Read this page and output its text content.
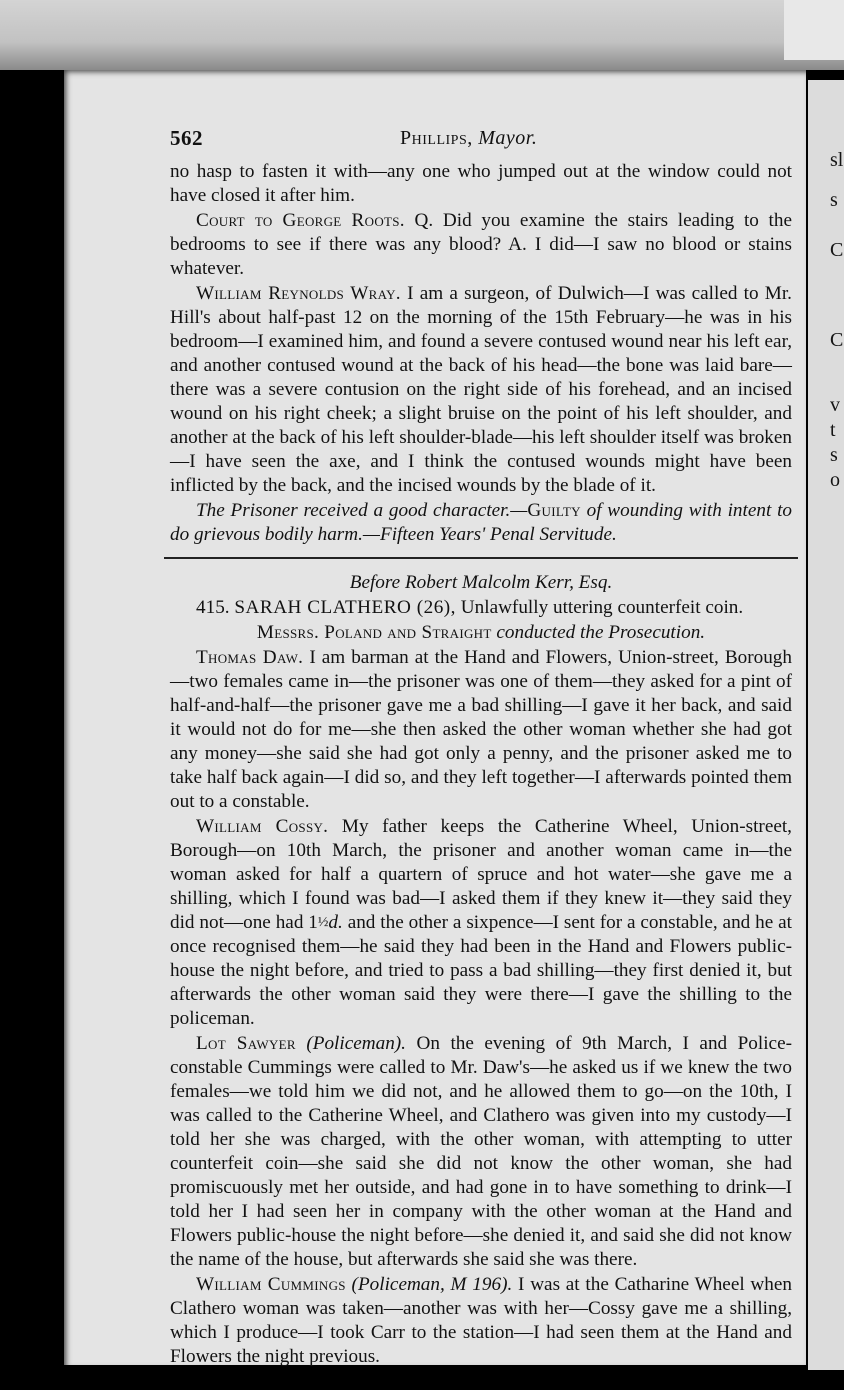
sl
s
C
C
v
t
s
o
562	Phillips, Mayor.

no hasp to fasten it with—any one who jumped out at the window could not have closed it after him.

Court to George Roots. Q. Did you examine the stairs leading to the bedrooms to see if there was any blood? A. I did—I saw no blood or stains whatever.

William Reynolds Wray. I am a surgeon, of Dulwich—I was called to Mr. Hill's about half-past 12 on the morning of the 15th February—he was in his bedroom—I examined him, and found a severe contused wound near his left ear, and another contused wound at the back of his head—the bone was laid bare—there was a severe contusion on the right side of his forehead, and an incised wound on his right cheek; a slight bruise on the point of his left shoulder, and another at the back of his left shoulder-blade—his left shoulder itself was broken—I have seen the axe, and I think the contused wounds might have been inflicted by the back, and the incised wounds by the blade of it.

The Prisoner received a good character.—Guilty of wounding with intent to do grievous bodily harm.—Fifteen Years' Penal Servitude.

Before Robert Malcolm Kerr, Esq.

415. SARAH CLATHERO (26), Unlawfully uttering counterfeit coin.

Messrs. Poland and Straight conducted the Prosecution.

Thomas Daw. I am barman at the Hand and Flowers, Union-street, Borough—two females came in—the prisoner was one of them—they asked for a pint of half-and-half—the prisoner gave me a bad shilling—I gave it her back, and said it would not do for me—she then asked the other woman whether she had got any money—she said she had got only a penny, and the prisoner asked me to take half back again—I did so, and they left together—I afterwards pointed them out to a constable.

William Cossy. My father keeps the Catherine Wheel, Union-street, Borough—on 10th March, the prisoner and another woman came in—the woman asked for half a quartern of spruce and hot water—she gave me a shilling, which I found was bad—I asked them if they knew it—they said they did not—one had 1½d. and the other a sixpence—I sent for a constable, and he at once recognised them—he said they had been in the Hand and Flowers public-house the night before, and tried to pass a bad shilling—they first denied it, but afterwards the other woman said they were there—I gave the shilling to the policeman.

Lot Sawyer (Policeman). On the evening of 9th March, I and Police-constable Cummings were called to Mr. Daw's—he asked us if we knew the two females—we told him we did not, and he allowed them to go—on the 10th, I was called to the Catherine Wheel, and Clathero was given into my custody—I told her she was charged, with the other woman, with attempting to utter counterfeit coin—she said she did not know the other woman, she had promiscuously met her outside, and had gone in to have something to drink—I told her I had seen her in company with the other woman at the Hand and Flowers public-house the night before—she denied it, and said she did not know the name of the house, but afterwards she said she was there.

William Cummings (Policeman, M 196). I was at the Catharine Wheel when Clathero woman was taken—another was with her—Cossy gave me a shilling, which I produce—I took Carr to the station—I had seen them at the Hand and Flowers the night previous.
